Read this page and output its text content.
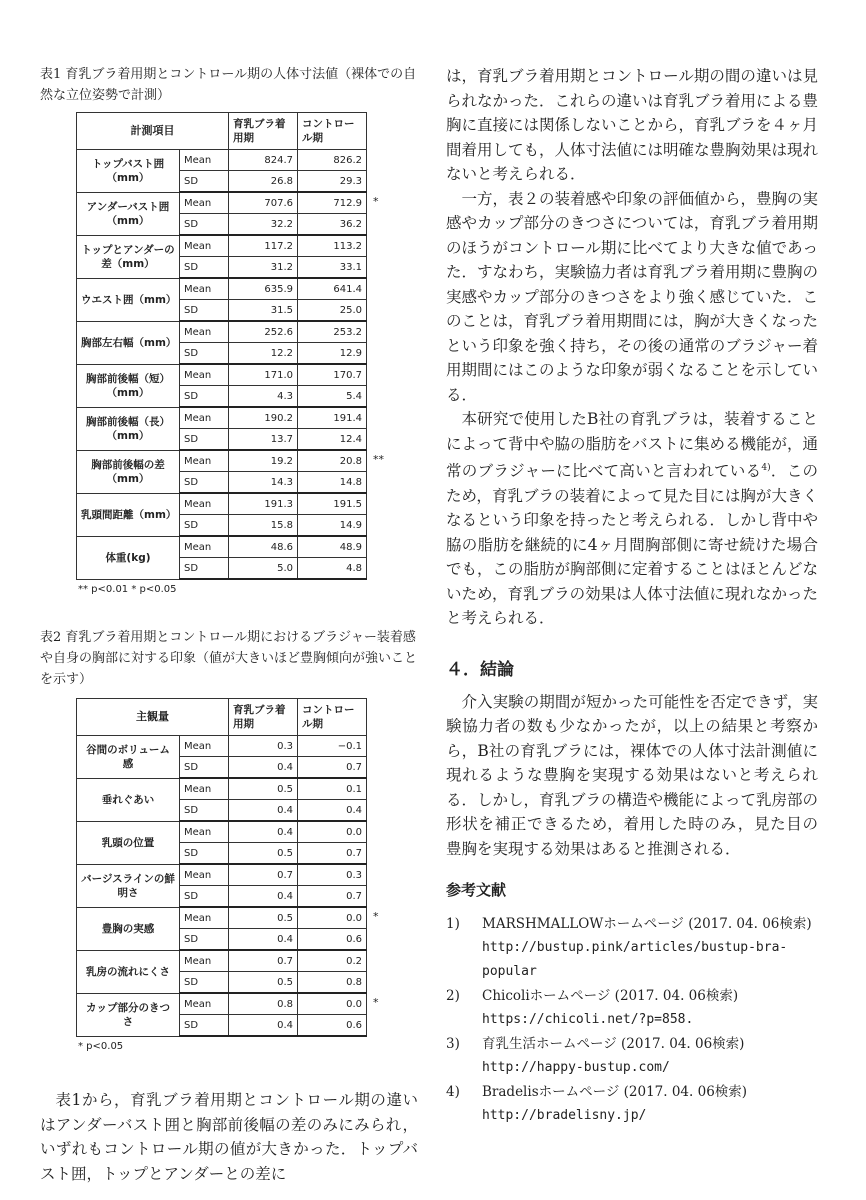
表1 育乳ブラ着用期とコントロール期の人体寸法値（裸体での自然な立位姿勢で計測）

計測項目		育乳ブラ着用期	コントロール期
トップバスト囲（mm）	Mean	824.7	826.2
	SD	26.8	29.3
アンダーバスト囲（mm）	Mean	707.6	712.9
	SD	32.2	36.2
トップとアンダーの差（mm）	Mean	117.2	113.2
	SD	31.2	33.1
ウエスト囲（mm）	Mean	635.9	641.4
	SD	31.5	25.0
胸部左右幅（mm）	Mean	252.6	253.2
	SD	12.2	12.9
胸部前後幅（短）（mm）	Mean	171.0	170.7
	SD	4.3	5.4
胸部前後幅（長）（mm）	Mean	190.2	191.4
	SD	13.7	12.4
胸部前後幅の差（mm）	Mean	19.2	20.8
	SD	14.3	14.8
乳頭間距離（mm）	Mean	191.3	191.5
	SD	15.8	14.9
体重(kg)	Mean	48.6	48.9
	SD	5.0	4.8
*
**
** p<0.01 * p<0.05

表2 育乳ブラ着用期とコントロール期におけるブラジャー装着感や自身の胸部に対する印象（値が大きいほど豊胸傾向が強いことを示す）

主観量		育乳ブラ着用期	コントロール期
谷間のボリューム感	Mean	0.3	−0.1
	SD	0.4	0.7
垂れぐあい	Mean	0.5	0.1
	SD	0.4	0.4
乳頭の位置	Mean	0.4	0.0
	SD	0.5	0.7
バージスラインの鮮明さ	Mean	0.7	0.3
	SD	0.4	0.7
豊胸の実感	Mean	0.5	0.0
	SD	0.4	0.6
乳房の流れにくさ	Mean	0.7	0.2
	SD	0.5	0.8
カップ部分のきつさ	Mean	0.8	0.0
	SD	0.4	0.6
*
*
* p<0.05

表1から，育乳ブラ着用期とコントロール期の違いはアンダーバスト囲と胸部前後幅の差のみにみられ，いずれもコントロール期の値が大きかった．トップバスト囲，トップとアンダーとの差に

は，育乳ブラ着用期とコントロール期の間の違いは見られなかった．これらの違いは育乳ブラ着用による豊胸に直接には関係しないことから，育乳ブラを４ヶ月間着用しても，人体寸法値には明確な豊胸効果は現れないと考えられる．

一方，表２の装着感や印象の評価値から，豊胸の実感やカップ部分のきつさについては，育乳ブラ着用期のほうがコントロール期に比べてより大きな値であった．すなわち，実験協力者は育乳ブラ着用期に豊胸の実感やカップ部分のきつさをより強く感じていた．このことは，育乳ブラ着用期間には，胸が大きくなったという印象を強く持ち，その後の通常のブラジャー着用期間にはこのような印象が弱くなることを示している．

本研究で使用したB社の育乳ブラは，装着することによって背中や脇の脂肪をバストに集める機能が，通常のブラジャーに比べて高いと言われている$^{4)}$．このため，育乳ブラの装着によって見た目には胸が大きくなるという印象を持ったと考えられる．しかし背中や脇の脂肪を継続的に4ヶ月間胸部側に寄せ続けた場合でも，この脂肪が胸部側に定着することはほとんどないため，育乳ブラの効果は人体寸法値に現れなかったと考えられる．

４．結論

介入実験の期間が短かった可能性を否定できず，実験協力者の数も少なかったが，以上の結果と考察から，B社の育乳ブラには，裸体での人体寸法計測値に現れるような豊胸を実現する効果はないと考えられる．しかし，育乳ブラの構造や機能によって乳房部の形状を補正できるため，着用した時のみ，見た目の豊胸を実現する効果はあると推測される．

参考文献
1) MARSHMALLOWホームページ (2017. 04. 06検索)
http://bustup.pink/articles/bustup-bra-popular
2) Chicoliホームページ (2017. 04. 06検索)
https://chicoli.net/?p=858.
3) 育乳生活ホームページ (2017. 04. 06検索)
http://happy-bustup.com/
4) Bradelisホームページ (2017. 04. 06検索)
http://bradelisny.jp/
